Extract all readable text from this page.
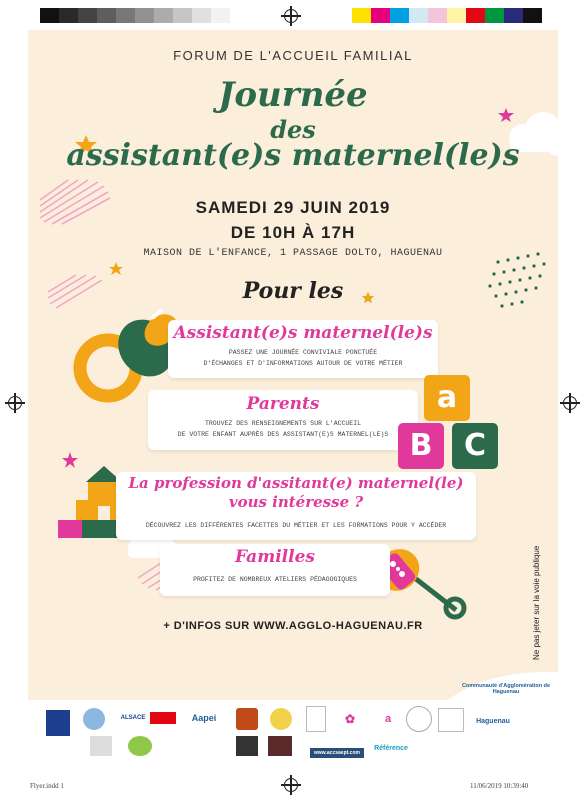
FORUM DE L'ACCUEIL FAMILIAL
Journée
des
assistant(e)s maternel(le)s
SAMEDI 29 JUIN 2019
DE 10H À 17H
MAISON DE L'ENFANCE, 1 PASSAGE DOLTO, HAGUENAU
Pour les
Assistant(e)s maternel(le)s
PASSEZ UNE JOURNÉE CONVIVIALE PONCTUÉE
D'ÉCHANGES ET D'INFORMATIONS AUTOUR DE VOTRE MÉTIER
Parents
TROUVEZ DES RENSEIGNEMENTS SUR L'ACCUEIL
DE VOTRE ENFANT AUPRÈS DES ASSISTANT(E)S MATERNEL(LE)S
a
B	C
La profession d'assitant(e) maternel(le)
vous intéresse ?
DÉCOUVREZ LES DIFFÉRENTES FACETTES DU MÉTIER ET LES FORMATIONS POUR Y ACCÉDER
Familles
PROFITEZ DE NOMBREUX ATELIERS PÉDAGOGIQUES
+ D'INFOS SUR WWW.AGGLO-HAGUENAU.FR
Communauté d'Agglomération de Haguenau
Ne pas jeter sur la voie publique
ALSACE	Aapei	✿	a	Haguenau
www.accsaept.com
Référence
Flyer.indd 1	11/06/2019 10:39:40
